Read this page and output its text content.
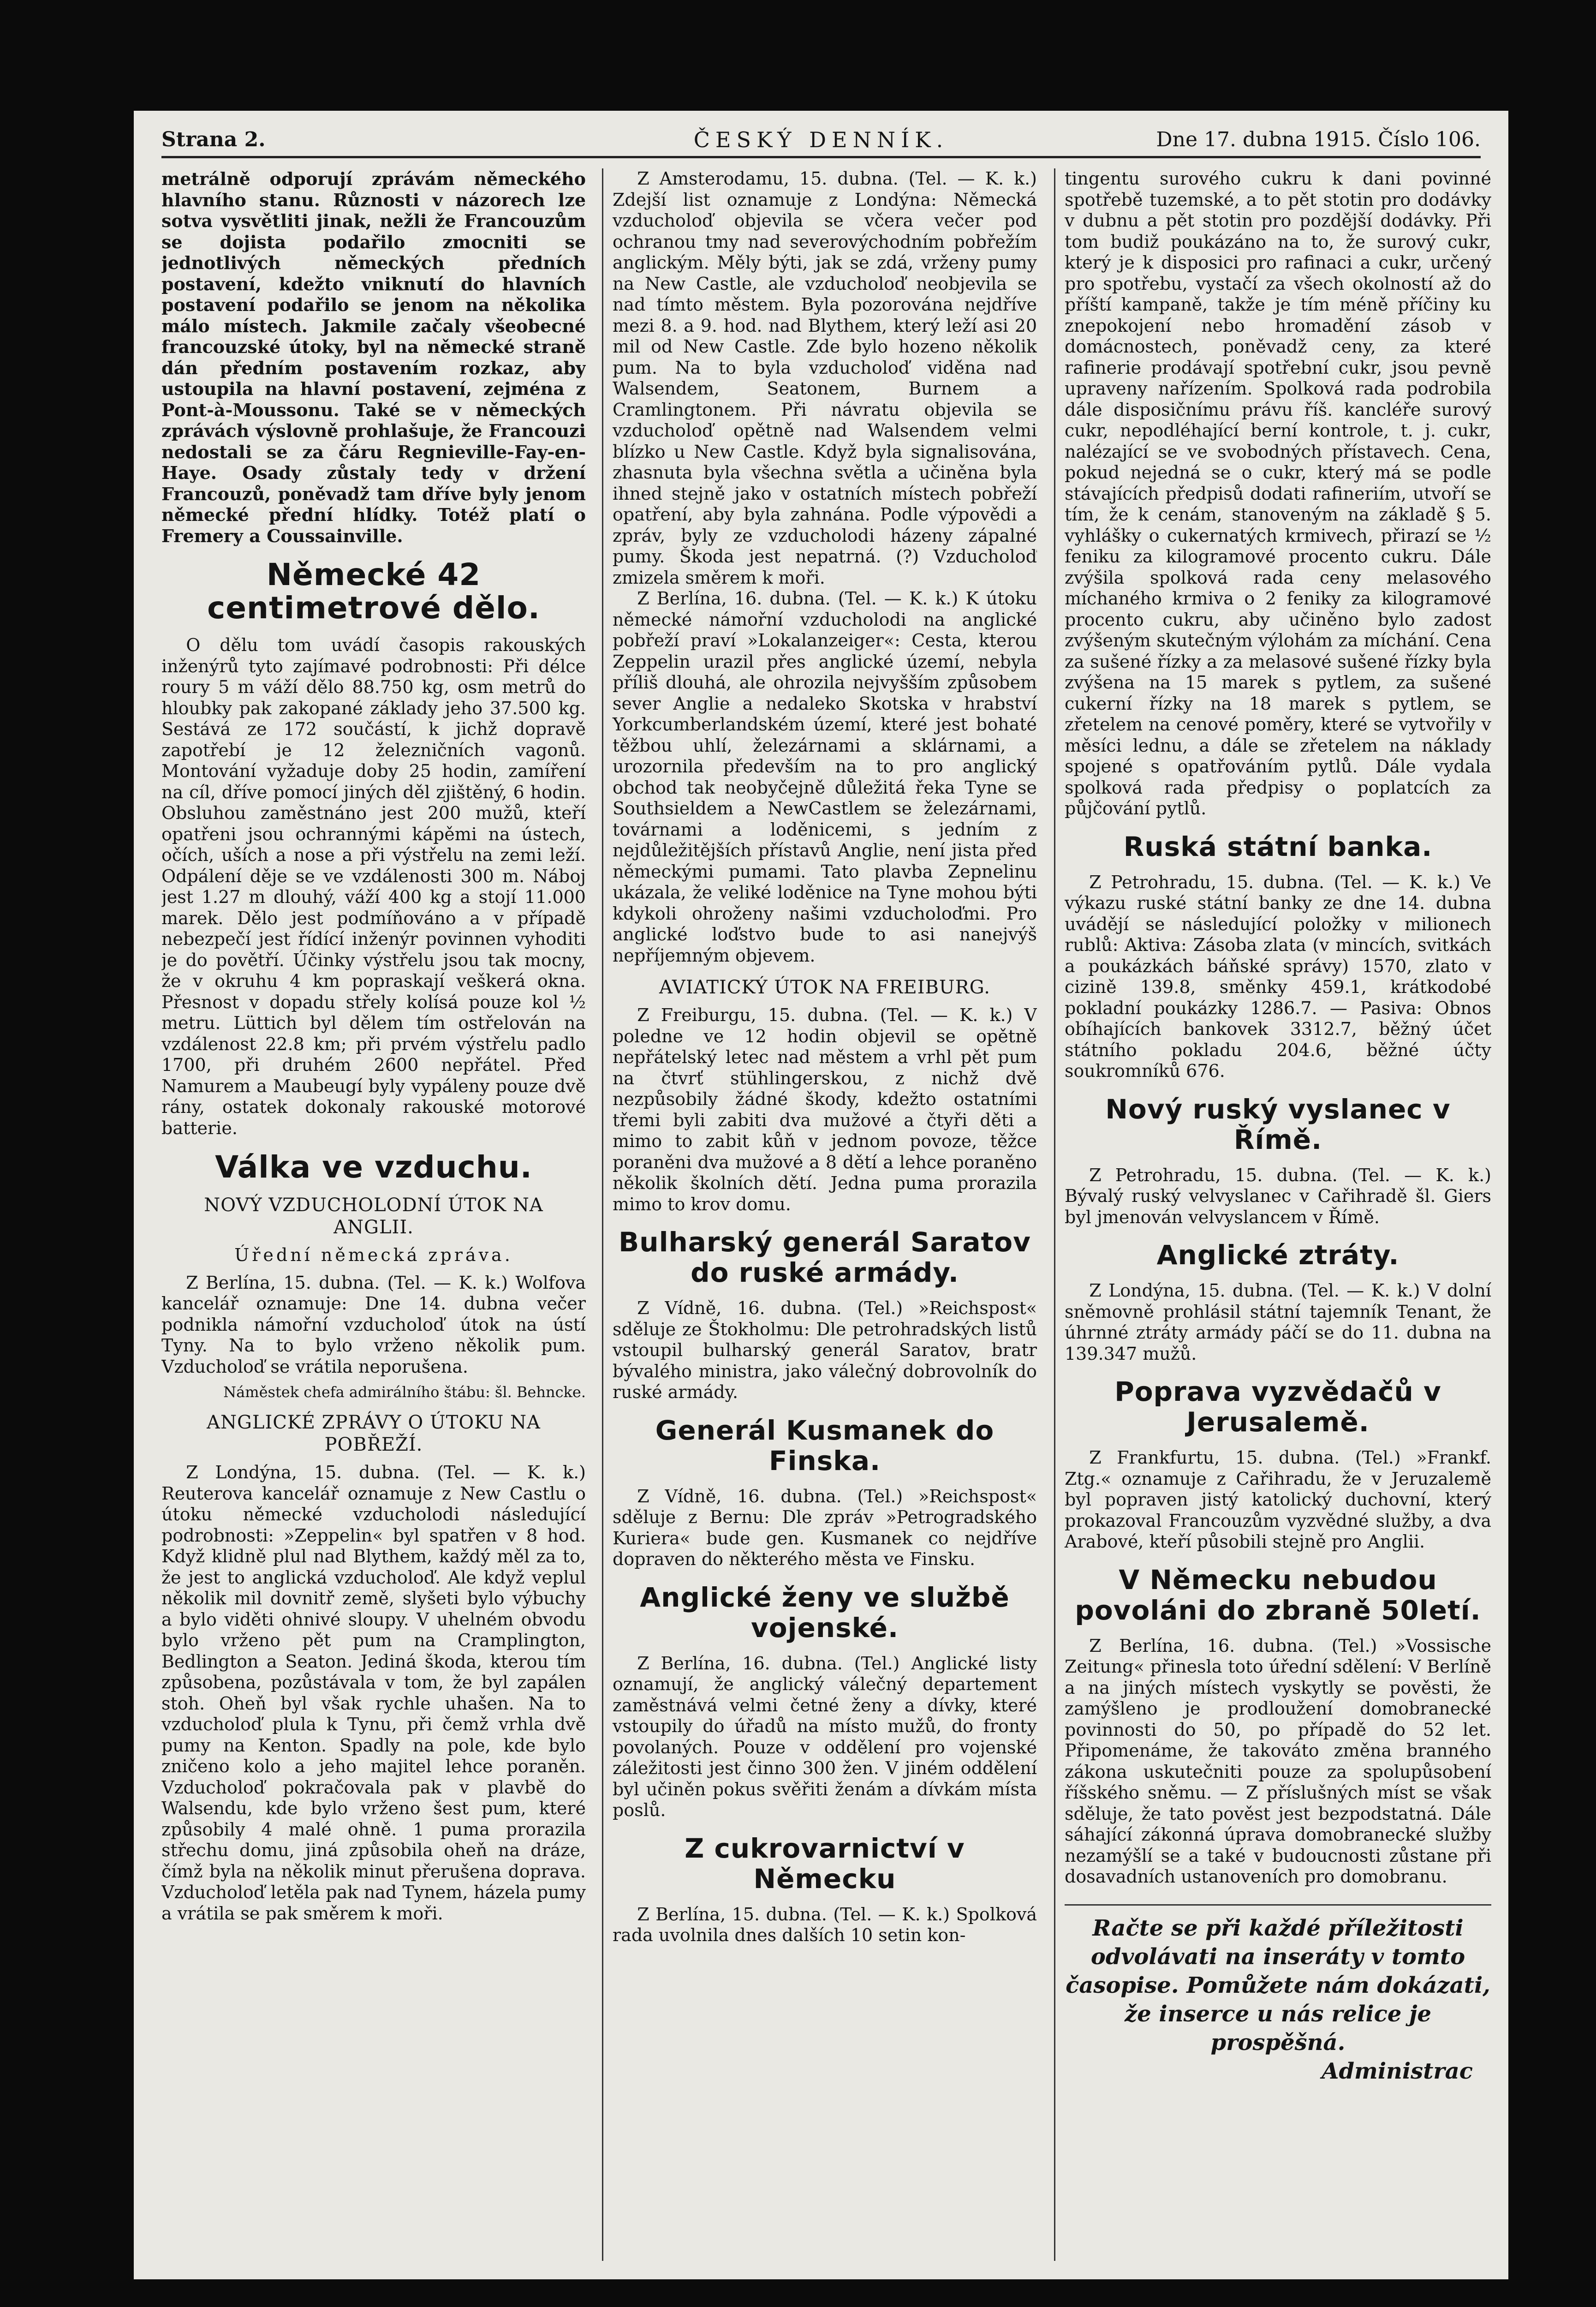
Strana 2.	ČESKÝ DENNÍK.	Dne 17. dubna 1915. Číslo 106.

metrálně odporují zprávám německého hlavního stanu. Různosti v názorech lze sotva vysvětliti jinak, nežli že Francouzům se dojista podařilo zmocniti se jednotlivých německých předních postavení, kdežto vniknutí do hlavních postavení podařilo se jenom na několika málo místech. Jakmile začaly všeobecné francouzské útoky, byl na německé straně dán předním postavením rozkaz, aby ustoupila na hlavní postavení, zejména z Pont-à-Moussonu. Také se v německých zprávách výslovně prohlašuje, že Francouzi nedostali se za čáru Regnieville-Fay-en-Haye. Osady zůstaly tedy v držení Francouzů, poněvadž tam dříve byly jenom německé přední hlídky. Totéž platí o Fremery a Coussainville.

Německé 42 centimetrové dělo.

O dělu tom uvádí časopis rakouských inženýrů tyto zajímavé podrobnosti: Při délce roury 5 m váží dělo 88.750 kg, osm metrů do hloubky pak zakopané základy jeho 37.500 kg. Sestává ze 172 součástí, k jichž dopravě zapotřebí je 12 železničních vagonů. Montování vyžaduje doby 25 hodin, zamíření na cíl, dříve pomocí jiných děl zjištěný, 6 hodin. Obsluhou zaměstnáno jest 200 mužů, kteří opatřeni jsou ochrannými kápěmi na ústech, očích, uších a nose a při výstřelu na zemi leží. Odpálení děje se ve vzdálenosti 300 m. Náboj jest 1.27 m dlouhý, váží 400 kg a stojí 11.000 marek. Dělo jest podmíňováno a v případě nebezpečí jest řídící inženýr povinnen vyhoditi je do povětří. Účinky výstřelu jsou tak mocny, že v okruhu 4 km popraskají veškerá okna. Přesnost v dopadu střely kolísá pouze kol ½ metru. Lüttich byl dělem tím ostřelován na vzdálenost 22.8 km; při prvém výstřelu padlo 1700, při druhém 2600 nepřátel. Před Namurem a Maubeugí byly vypáleny pouze dvě rány, ostatek dokonaly rakouské motorové batterie.

Válka ve vzduchu.
NOVÝ VZDUCHOLODNÍ ÚTOK NA ANGLII.
Úřední německá zpráva.

Z Berlína, 15. dubna. (Tel. — K. k.) Wolfova kancelář oznamuje: Dne 14. dubna večer podnikla námořní vzducholoď útok na ústí Tyny. Na to bylo vrženo několik pum. Vzducholoď se vrátila neporušena.

Náměstek chefa admirálního štábu: šl. Behncke.
ANGLICKÉ ZPRÁVY O ÚTOKU NA POBŘEŽÍ.

Z Londýna, 15. dubna. (Tel. — K. k.) Reuterova kancelář oznamuje z New Castlu o útoku německé vzducholodi následující podrobnosti: »Zeppelin« byl spatřen v 8 hod. Když klidně plul nad Blythem, každý měl za to, že jest to anglická vzducholoď. Ale když veplul několik mil dovnitř země, slyšeti bylo výbuchy a bylo viděti ohnivé sloupy. V uhelném obvodu bylo vrženo pět pum na Cramplington, Bedlington a Seaton. Jediná škoda, kterou tím způsobena, pozůstávala v tom, že byl zapálen stoh. Oheň byl však rychle uhašen. Na to vzducholoď plula k Tynu, při čemž vrhla dvě pumy na Kenton. Spadly na pole, kde bylo zničeno kolo a jeho majitel lehce poraněn. Vzducholoď pokračovala pak v plavbě do Walsendu, kde bylo vrženo šest pum, které způsobily 4 malé ohně. 1 puma prorazila střechu domu, jiná způsobila oheň na dráze, čímž byla na několik minut přerušena doprava. Vzducholoď letěla pak nad Tynem, házela pumy a vrátila se pak směrem k moři.

Z Amsterodamu, 15. dubna. (Tel. — K. k.) Zdejší list oznamuje z Londýna: Německá vzducholoď objevila se včera večer pod ochranou tmy nad severovýchodním pobřežím anglickým. Měly býti, jak se zdá, vrženy pumy na New Castle, ale vzducholoď neobjevila se nad tímto městem. Byla pozorována nejdříve mezi 8. a 9. hod. nad Blythem, který leží asi 20 mil od New Castle. Zde bylo hozeno několik pum. Na to byla vzducholoď viděna nad Walsendem, Seatonem, Burnem a Cramlingtonem. Při návratu objevila se vzducholoď opětně nad Walsendem velmi blízko u New Castle. Když byla signalisována, zhasnuta byla všechna světla a učiněna byla ihned stejně jako v ostatních místech pobřeží opatření, aby byla zahnána. Podle výpovědi a zpráv, byly ze vzducholodi házeny zápalné pumy. Škoda jest nepatrná. (?) Vzducholoď zmizela směrem k moři.

Z Berlína, 16. dubna. (Tel. — K. k.) K útoku německé námořní vzducholodi na anglické pobřeží praví »Lokalanzeiger«: Cesta, kterou Zeppelin urazil přes anglické území, nebyla příliš dlouhá, ale ohrozila nejvyšším způsobem sever Anglie a nedaleko Skotska v hrabství Yorkcumberlandském území, které jest bohaté těžbou uhlí, železárnami a sklárnami, a urozornila především na to pro anglický obchod tak neobyčejně důležitá řeka Tyne se Southsieldem a NewCastlem se železárnami, továrnami a loděnicemi, s jedním z nejdůležitějších přístavů Anglie, není jista před německými pumami. Tato plavba Zepnelinu ukázala, že veliké loděnice na Tyne mohou býti kdykoli ohroženy našimi vzducholoďmi. Pro anglické loďstvo bude to asi nanejvýš nepříjemným objevem.

AVIATICKÝ ÚTOK NA FREIBURG.

Z Freiburgu, 15. dubna. (Tel. — K. k.) V poledne ve 12 hodin objevil se opětně nepřátelský letec nad městem a vrhl pět pum na čtvrť stühlingerskou, z nichž dvě nezpůsobily žádné škody, kdežto ostatními třemi byli zabiti dva mužové a čtyři děti a mimo to zabit kůň v jednom povoze, těžce poraněni dva mužové a 8 dětí a lehce poraněno několik školních dětí. Jedna puma prorazila mimo to krov domu.

Bulharský generál Saratov do ruské armády.

Z Vídně, 16. dubna. (Tel.) »Reichspost« sděluje ze Štokholmu: Dle petrohradských listů vstoupil bulharský generál Saratov, bratr bývalého ministra, jako válečný dobrovolník do ruské armády.

Generál Kusmanek do Finska.

Z Vídně, 16. dubna. (Tel.) »Reichspost« sděluje z Bernu: Dle zpráv »Petrogradského Kuriera« bude gen. Kusmanek co nejdříve dopraven do některého města ve Finsku.

Anglické ženy ve službě vojenské.

Z Berlína, 16. dubna. (Tel.) Anglické listy oznamují, že anglický válečný departement zaměstnává velmi četné ženy a dívky, které vstoupily do úřadů na místo mužů, do fronty povolaných. Pouze v oddělení pro vojenské záležitosti jest činno 300 žen. V jiném oddělení byl učiněn pokus svěřiti ženám a dívkám místa poslů.

Z cukrovarnictví v Německu

Z Berlína, 15. dubna. (Tel. — K. k.) Spolková rada uvolnila dnes dalších 10 setin kon-

tingentu surového cukru k dani povinné spotřebě tuzemské, a to pět stotin pro dodávky v dubnu a pět stotin pro pozdější dodávky. Při tom budiž poukázáno na to, že surový cukr, který je k disposici pro rafinaci a cukr, určený pro spotřebu, vystačí za všech okolností až do příští kampaně, takže je tím méně příčiny ku znepokojení nebo hromadění zásob v domácnostech, poněvadž ceny, za které rafinerie prodávají spotřební cukr, jsou pevně upraveny nařízením. Spolková rada podrobila dále disposičnímu právu říš. kancléře surový cukr, nepodléhající berní kontrole, t. j. cukr, nalézající se ve svobodných přístavech. Cena, pokud nejedná se o cukr, který má se podle stávajících předpisů dodati rafineriím, utvoří se tím, že k cenám, stanoveným na základě § 5. vyhlášky o cukernatých krmivech, přirazí se ½ feniku za kilogramové procento cukru. Dále zvýšila spolková rada ceny melasového míchaného krmiva o 2 feniky za kilogramové procento cukru, aby učiněno bylo zadost zvýšeným skutečným výlohám za míchání. Cena za sušené řízky a za melasové sušené řízky byla zvýšena na 15 marek s pytlem, za sušené cukerní řízky na 18 marek s pytlem, se zřetelem na cenové poměry, které se vytvořily v měsíci lednu, a dále se zřetelem na náklady spojené s opatřováním pytlů. Dále vydala spolková rada předpisy o poplatcích za půjčování pytlů.

Ruská státní banka.

Z Petrohradu, 15. dubna. (Tel. — K. k.) Ve výkazu ruské státní banky ze dne 14. dubna uvádějí se následující položky v milionech rublů: Aktiva: Zásoba zlata (v mincích, svitkách a poukázkách báňské správy) 1570, zlato v cizině 139.8, směnky 459.1, krátkodobé pokladní poukázky 1286.7. — Pasiva: Obnos obíhajících bankovek 3312.7, běžný účet státního pokladu 204.6, běžné účty soukromníků 676.

Nový ruský vyslanec v Římě.

Z Petrohradu, 15. dubna. (Tel. — K. k.) Bývalý ruský velvyslanec v Cařihradě šl. Giers byl jmenován velvyslancem v Římě.

Anglické ztráty.

Z Londýna, 15. dubna. (Tel. — K. k.) V dolní sněmovně prohlásil státní tajemník Tenant, že úhrnné ztráty armády páčí se do 11. dubna na 139.347 mužů.

Poprava vyzvědačů v Jerusalemě.

Z Frankfurtu, 15. dubna. (Tel.) »Frankf. Ztg.« oznamuje z Cařihradu, že v Jeruzalemě byl popraven jistý katolický duchovní, který prokazoval Francouzům vyzvědné služby, a dva Arabové, kteří působili stejně pro Anglii.

V Německu nebudou povoláni do zbraně 50letí.

Z Berlína, 16. dubna. (Tel.) »Vossische Zeitung« přinesla toto úřední sdělení: V Berlíně a na jiných místech vyskytly se pověsti, že zamýšleno je prodloužení domobranecké povinnosti do 50, po případě do 52 let. Připomenáme, že takováto změna branného zákona uskutečniti pouze za spolupůsobení říšského sněmu. — Z příslušných míst se však sděluje, že tato pověst jest bezpodstatná. Dále sáhající zákonná úprava domobranecké služby nezamýšlí se a také v budoucnosti zůstane při dosavadních ustanoveních pro domobranu.

Račte se při každé příležitosti odvolávati na inseráty v tomto časopise. Pomůžete nám dokázati, že inserce u nás relice je prospěšná.
Administrac
